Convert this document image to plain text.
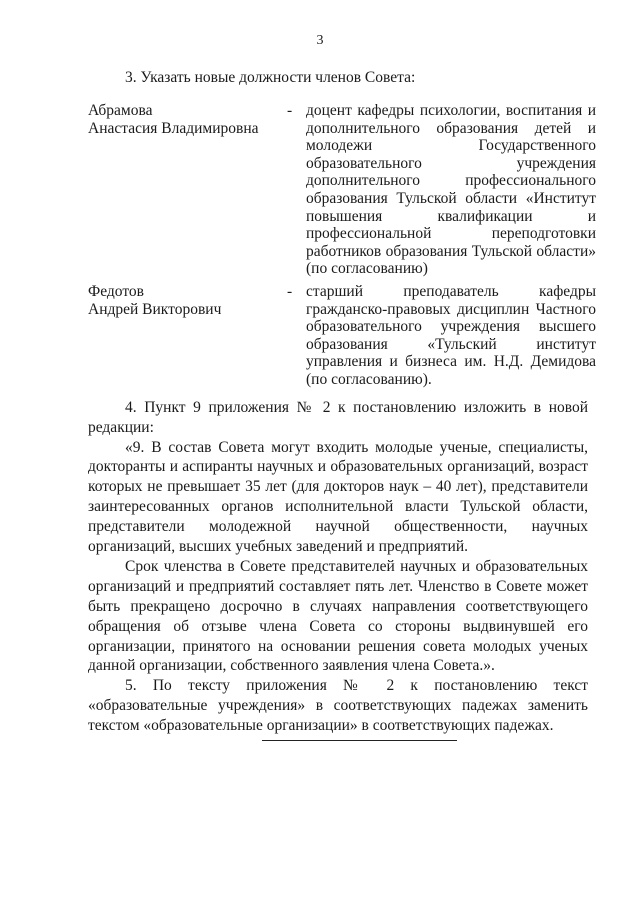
3
3. Указать новые должности членов Совета:
Абрамова
Анастасия Владимировна
- доцент кафедры психологии, воспитания и дополнительного образования детей и молодежи Государственного образовательного учреждения дополнительного профессионального образования Тульской области «Институт повышения квалификации и профессиональной переподготовки работников образования Тульской области» (по согласованию)
Федотов
Андрей Викторович
- старший преподаватель кафедры гражданско-правовых дисциплин Частного образовательного учреждения высшего образования «Тульский институт управления и бизнеса им. Н.Д. Демидова (по согласованию).

4. Пункт 9 приложения № 2 к постановлению изложить в новой редакции:

«9. В состав Совета могут входить молодые ученые, специалисты, докторанты и аспиранты научных и образовательных организаций, возраст которых не превышает 35 лет (для докторов наук – 40 лет), представители заинтересованных органов исполнительной власти Тульской области, представители молодежной научной общественности, научных организаций, высших учебных заведений и предприятий.

Срок членства в Совете представителей научных и образовательных организаций и предприятий составляет пять лет. Членство в Совете может быть прекращено досрочно в случаях направления соответствующего обращения об отзыве члена Совета со стороны выдвинувшей его организации, принятого на основании решения совета молодых ученых данной организации, собственного заявления члена Совета.».

5. По тексту приложения № 2 к постановлению текст «образовательные учреждения» в соответствующих падежах заменить текстом «образовательные организации» в соответствующих падежах.
